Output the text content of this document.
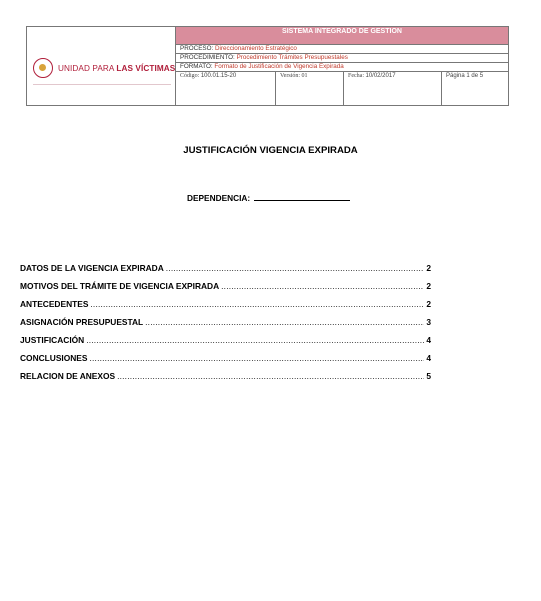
UNIDAD PARA LAS VÍCTIMAS
SISTEMA INTEGRADO DE GESTION
PROCESO: Direccionamiento Estratégico
PROCEDIMIENTO: Procedimiento Trámites Presupuestales
FORMATO: Formato de Justificación de Vigencia Expirada
Código: 100.01.15-20	Versión: 01	Fecha: 10/02/2017	Página 1 de 5
JUSTIFICACIÓN VIGENCIA EXPIRADA
DEPENDENCIA:
DATOS DE LA VIGENCIA EXPIRADA .....	2
MOTIVOS DEL TRÁMITE DE VIGENCIA EXPIRADA .....	2
ANTECEDENTES .....	2
ASIGNACIÓN PRESUPUESTAL .....	3
JUSTIFICACIÓN .....	4
CONCLUSIONES .....	4
RELACION DE ANEXOS .....	5
